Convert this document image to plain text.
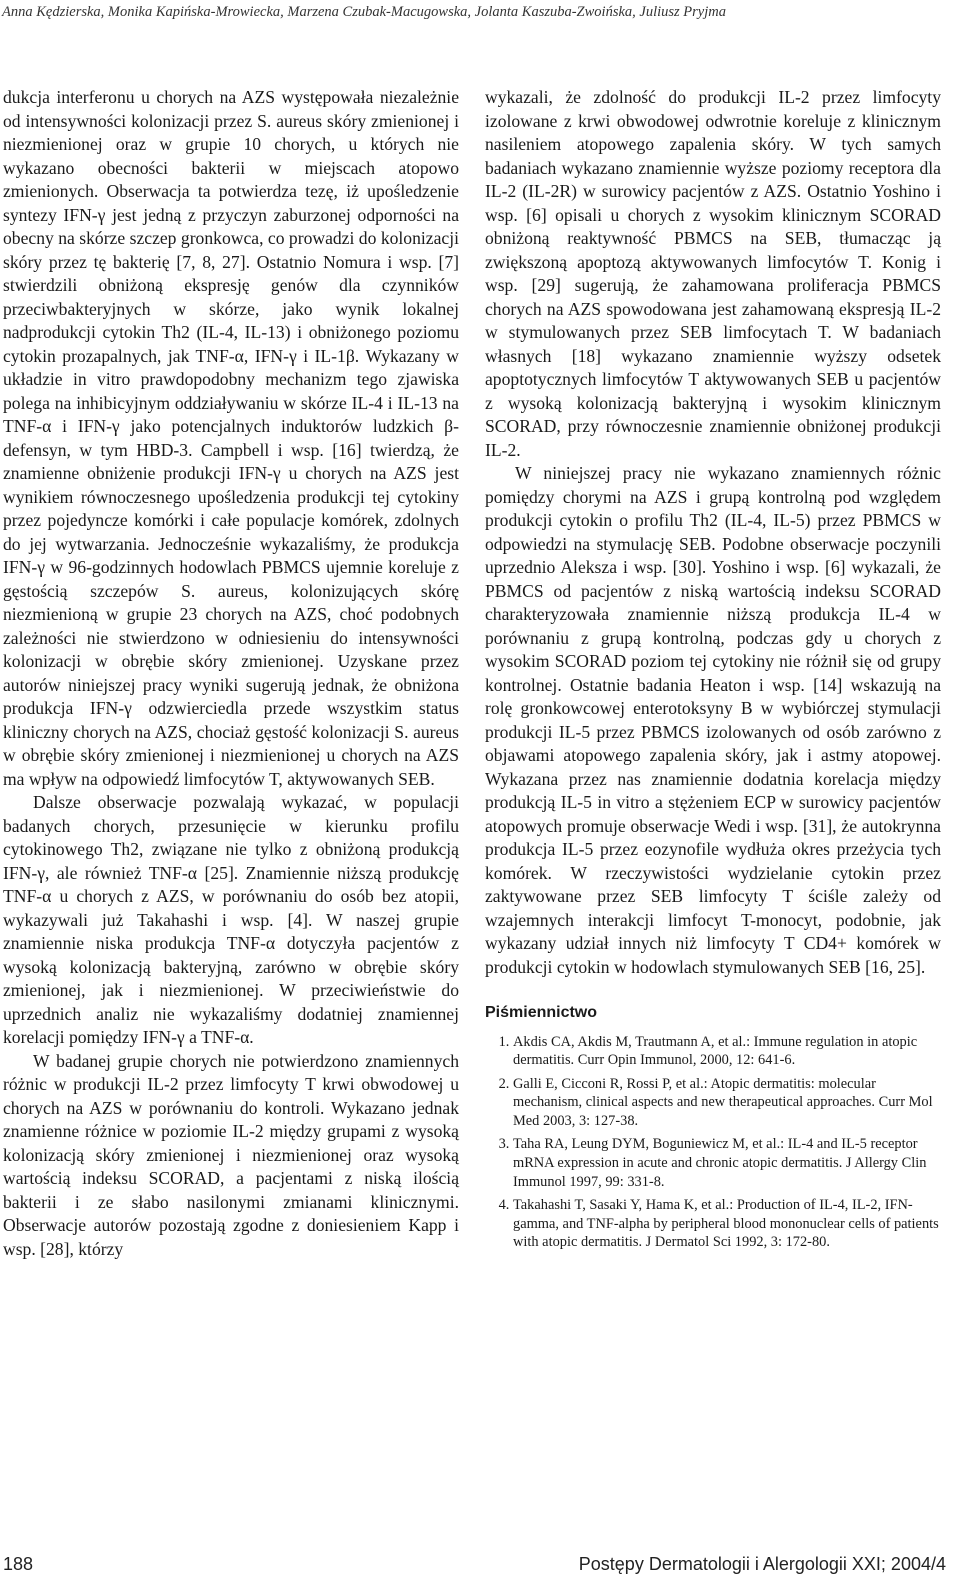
Anna Kędzierska, Monika Kapińska-Mrowiecka, Marzena Czubak-Macugowska, Jolanta Kaszuba-Zwoińska, Juliusz Pryjma

dukcja interferonu u chorych na AZS występowała niezależnie od intensywności kolonizacji przez S. aureus skóry zmienionej i niezmienionej oraz w grupie 10 chorych, u których nie wykazano obecności bakterii w miejscach atopowo zmienionych. Obserwacja ta potwierdza tezę, iż upośledzenie syntezy IFN-γ jest jedną z przyczyn zaburzonej odporności na obecny na skórze szczep gronkowca, co prowadzi do kolonizacji skóry przez tę bakterię [7, 8, 27]. Ostatnio Nomura i wsp. [7] stwierdzili obniżoną ekspresję genów dla czynników przeciwbakteryjnych w skórze, jako wynik lokalnej nadprodukcji cytokin Th2 (IL-4, IL-13) i obniżonego poziomu cytokin prozapalnych, jak TNF-α, IFN-γ i IL-1β. Wykazany w układzie in vitro prawdopodobny mechanizm tego zjawiska polega na inhibicyjnym oddziaływaniu w skórze IL-4 i IL-13 na TNF-α i IFN-γ jako potencjalnych induktorów ludzkich β-defensyn, w tym HBD-3. Campbell i wsp. [16] twierdzą, że znamienne obniżenie produkcji IFN-γ u chorych na AZS jest wynikiem równoczesnego upośledzenia produkcji tej cytokiny przez pojedyncze komórki i całe populacje komórek, zdolnych do jej wytwarzania. Jednocześnie wykazaliśmy, że produkcja IFN-γ w 96-godzinnych hodowlach PBMCS ujemnie koreluje z gęstością szczepów S. aureus, kolonizujących skórę niezmienioną w grupie 23 chorych na AZS, choć podobnych zależności nie stwierdzono w odniesieniu do intensywności kolonizacji w obrębie skóry zmienionej. Uzyskane przez autorów niniejszej pracy wyniki sugerują jednak, że obniżona produkcja IFN-γ odzwierciedla przede wszystkim status kliniczny chorych na AZS, chociaż gęstość kolonizacji S. aureus w obrębie skóry zmienionej i niezmienionej u chorych na AZS ma wpływ na odpowiedź limfocytów T, aktywowanych SEB.

Dalsze obserwacje pozwalają wykazać, w populacji badanych chorych, przesunięcie w kierunku profilu cytokinowego Th2, związane nie tylko z obniżoną produkcją IFN-γ, ale również TNF-α [25]. Znamiennie niższą produkcję TNF-α u chorych z AZS, w porównaniu do osób bez atopii, wykazywali już Takahashi i wsp. [4]. W naszej grupie znamiennie niska produkcja TNF-α dotyczyła pacjentów z wysoką kolonizacją bakteryjną, zarówno w obrębie skóry zmienionej, jak i niezmienionej. W przeciwieństwie do uprzednich analiz nie wykazaliśmy dodatniej znamiennej korelacji pomiędzy IFN-γ a TNF-α.

W badanej grupie chorych nie potwierdzono znamiennych różnic w produkcji IL-2 przez limfocyty T krwi obwodowej u chorych na AZS w porównaniu do kontroli. Wykazano jednak znamienne różnice w poziomie IL-2 między grupami z wysoką kolonizacją skóry zmienionej i niezmienionej oraz wysoką wartością indeksu SCORAD, a pacjentami z niską ilością bakterii i ze słabo nasilonymi zmianami klinicznymi. Obserwacje autorów pozostają zgodne z doniesieniem Kapp i wsp. [28], którzy

wykazali, że zdolność do produkcji IL-2 przez limfocyty izolowane z krwi obwodowej odwrotnie koreluje z klinicznym nasileniem atopowego zapalenia skóry. W tych samych badaniach wykazano znamiennie wyższe poziomy receptora dla IL-2 (IL-2R) w surowicy pacjentów z AZS. Ostatnio Yoshino i wsp. [6] opisali u chorych z wysokim klinicznym SCORAD obniżoną reaktywność PBMCS na SEB, tłumacząc ją zwiększoną apoptozą aktywowanych limfocytów T. Konig i wsp. [29] sugerują, że zahamowana proliferacja PBMCS chorych na AZS spowodowana jest zahamowaną ekspresją IL-2 w stymulowanych przez SEB limfocytach T. W badaniach własnych [18] wykazano znamiennie wyższy odsetek apoptotycznych limfocytów T aktywowanych SEB u pacjentów z wysoką kolonizacją bakteryjną i wysokim klinicznym SCORAD, przy równoczesnie znamiennie obniżonej produkcji IL-2.

W niniejszej pracy nie wykazano znamiennych różnic pomiędzy chorymi na AZS i grupą kontrolną pod względem produkcji cytokin o profilu Th2 (IL-4, IL-5) przez PBMCS w odpowiedzi na stymulację SEB. Podobne obserwacje poczynili uprzednio Aleksza i wsp. [30]. Yoshino i wsp. [6] wykazali, że PBMCS od pacjentów z niską wartością indeksu SCORAD charakteryzowała znamiennie niższą produkcja IL-4 w porównaniu z grupą kontrolną, podczas gdy u chorych z wysokim SCORAD poziom tej cytokiny nie różnił się od grupy kontrolnej. Ostatnie badania Heaton i wsp. [14] wskazują na rolę gronkowcowej enterotoksyny B w wybiórczej stymulacji produkcji IL-5 przez PBMCS izolowanych od osób zarówno z objawami atopowego zapalenia skóry, jak i astmy atopowej. Wykazana przez nas znamiennie dodatnia korelacja między produkcją IL-5 in vitro a stężeniem ECP w surowicy pacjentów atopowych promuje obserwacje Wedi i wsp. [31], że autokrynna produkcja IL-5 przez eozynofile wydłuża okres przeżycia tych komórek. W rzeczywistości wydzielanie cytokin przez zaktywowane przez SEB limfocyty T ściśle zależy od wzajemnych interakcji limfocyt T-monocyt, podobnie, jak wykazany udział innych niż limfocyty T CD4+ komórek w produkcji cytokin w hodowlach stymulowanych SEB [16, 25].

Piśmiennictwo
1. Akdis CA, Akdis M, Trautmann A, et al.: Immune regulation in atopic dermatitis. Curr Opin Immunol, 2000, 12: 641-6.
2. Galli E, Cicconi R, Rossi P, et al.: Atopic dermatitis: molecular mechanism, clinical aspects and new therapeutical approaches. Curr Mol Med 2003, 3: 127-38.
3. Taha RA, Leung DYM, Boguniewicz M, et al.: IL-4 and IL-5 receptor mRNA expression in acute and chronic atopic dermatitis. J Allergy Clin Immunol 1997, 99: 331-8.
4. Takahashi T, Sasaki Y, Hama K, et al.: Production of IL-4, IL-2, IFN-gamma, and TNF-alpha by peripheral blood mononuclear cells of patients with atopic dermatitis. J Dermatol Sci 1992, 3: 172-80.
188	Postępy Dermatologii i Alergologii XXI; 2004/4
